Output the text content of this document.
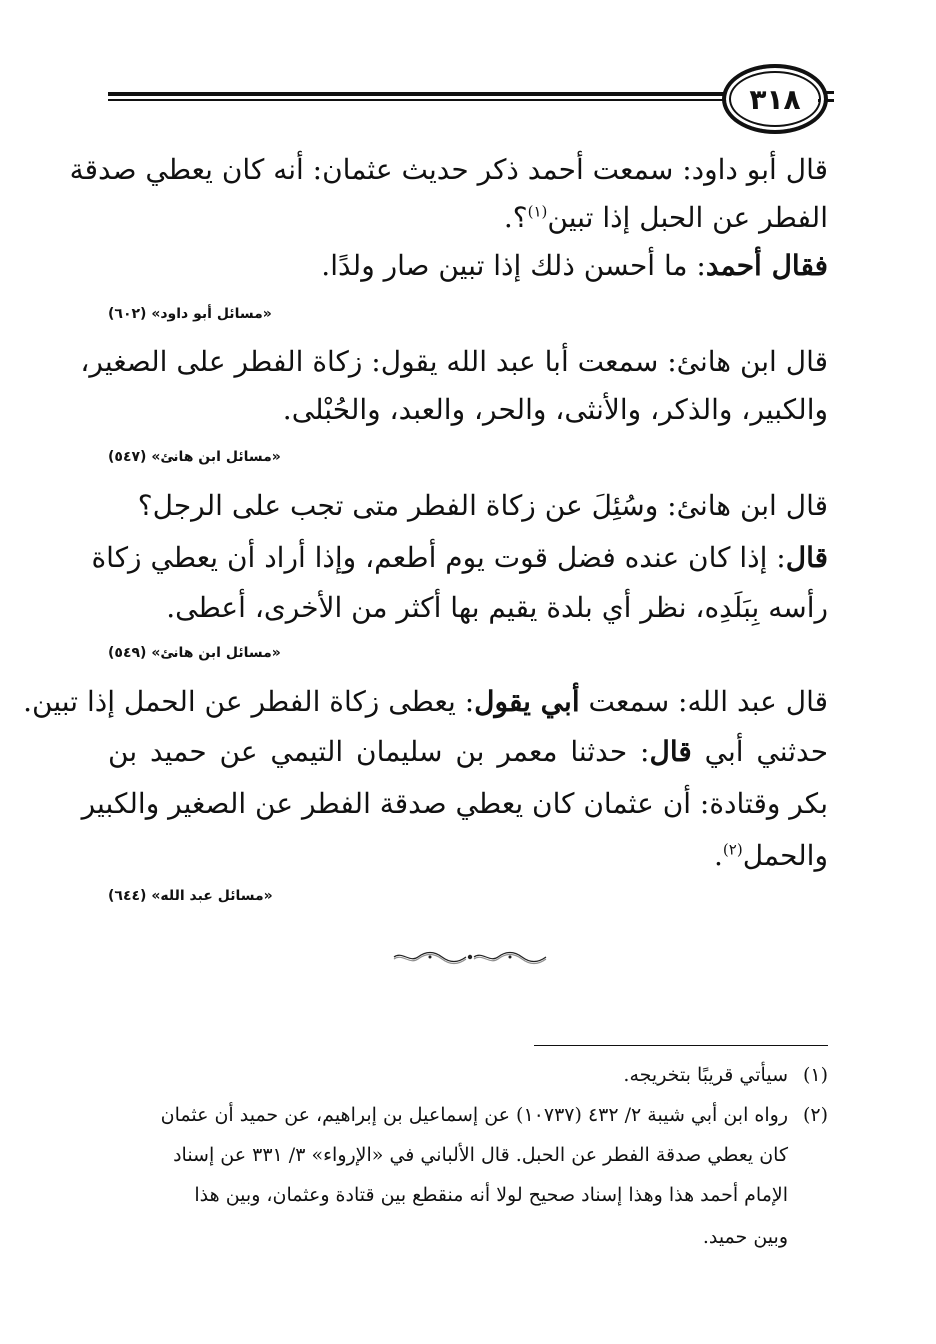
٣١٨
قال أبو داود: سمعت أحمد ذكر حديث عثمان: أنه كان يعطي صدقة
الفطر عن الحبل إذا تبين$^{(١)}$؟.
فقال أحمد: ما أحسن ذلك إذا تبين صار ولدًا.
«مسائل أبو داود» (٦٠٢)
قال ابن هانئ: سمعت أبا عبد الله يقول: زكاة الفطر على الصغير،
والكبير، والذكر، والأنثى، والحر، والعبد، والحُبْلى.
«مسائل ابن هانئ» (٥٤٧)
قال ابن هانئ: وسُئِلَ عن زكاة الفطر متى تجب على الرجل؟
قال: إذا كان عنده فضل قوت يوم أطعم، وإذا أراد أن يعطي زكاة
رأسه بِبَلَدِه، نظر أي بلدة يقيم بها أكثر من الأخرى، أعطى.
«مسائل ابن هانئ» (٥٤٩)
قال عبد الله: سمعت أبي يقول: يعطى زكاة الفطر عن الحمل إذا تبين.
حدثني أبي قال: حدثنا معمر بن سليمان التيمي عن حميد بن
بكر وقتادة: أن عثمان كان يعطي صدقة الفطر عن الصغير والكبير
والحمل$^{(٢)}$.
«مسائل عبد الله» (٦٤٤)
(١)سيأتي قريبًا بتخريجه.
(٢)رواه ابن أبي شيبة ٢/ ٤٣٢ (١٠٧٣٧) عن إسماعيل بن إبراهيم، عن حميد أن عثمان
كان يعطي صدقة الفطر عن الحبل. قال الألباني في «الإرواء» ٣/ ٣٣١ عن إسناد
الإمام أحمد هذا وهذا إسناد صحيح لولا أنه منقطع بين قتادة وعثمان، وبين هذا
وبين حميد.
